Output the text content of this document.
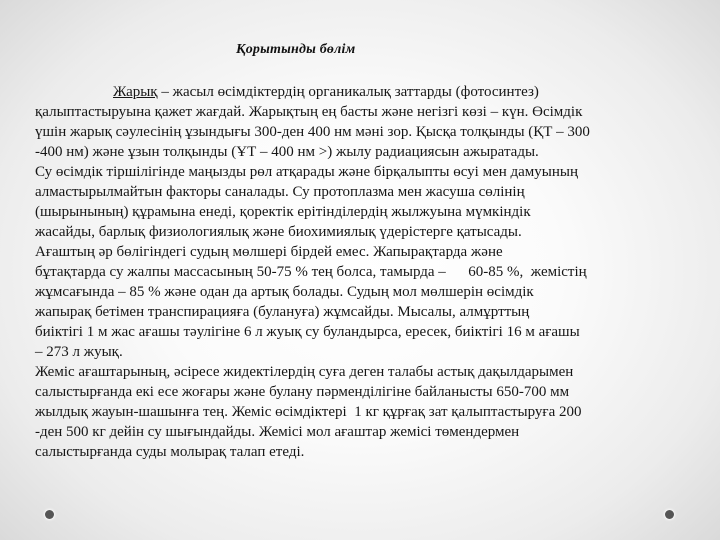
Қорытынды бөлім
Жарық – жасыл өсімдіктердің органикалық заттарды (фотосинтез)
қалыптастыруына қажет жағдай. Жарықтың ең басты және негізгі көзі – күн. Өсімдік
үшін жарық сәулесінің ұзындығы 300-ден 400 нм мәні зор. Қысқа толқынды (ҚТ – 300
-400 нм) және ұзын толқынды (ҰТ – 400 нм >) жылу радиациясын ажыратады.
Су өсімдік тіршілігінде маңызды рөл атқарады және бірқалыпты өсуі мен дамуының
алмастырылмайтын факторы саналады. Су протоплазма мен жасуша сөлінің
(шырынының) құрамына енеді, қоректік ерітінділердің жылжуына мүмкіндік
жасайды, барлық физиологиялық және биохимиялық үдерістерге қатысады.
Ағаштың әр бөлігіндегі судың мөлшері бірдей емес. Жапырақтарда және
бұтақтарда су жалпы массасының 50-75 % тең болса, тамырда –      60-85 %,  жемістің
жұмсағында – 85 % және одан да артық болады. Судың мол мөлшерін өсімдік
жапырақ бетімен транспирацияға (булануға) жұмсайды. Мысалы, алмұрттың
биіктігі 1 м жас ағашы тәулігіне 6 л жуық су буландырса, ересек, биіктігі 16 м ағашы
– 273 л жуық.
Жеміс ағаштарының, әсіресе жидектілердің суға деген талабы астық дақылдарымен
салыстырғанда екі есе жоғары және булану пәрменділігіне байланысты 650-700 мм
жылдық жауын-шашынға тең. Жеміс өсімдіктері  1 кг құрғақ зат қалыптастыруға 200
-ден 500 кг дейін су шығындайды. Жемісі мол ағаштар жемісі төмендермен
салыстырғанда суды молырақ талап етеді.
